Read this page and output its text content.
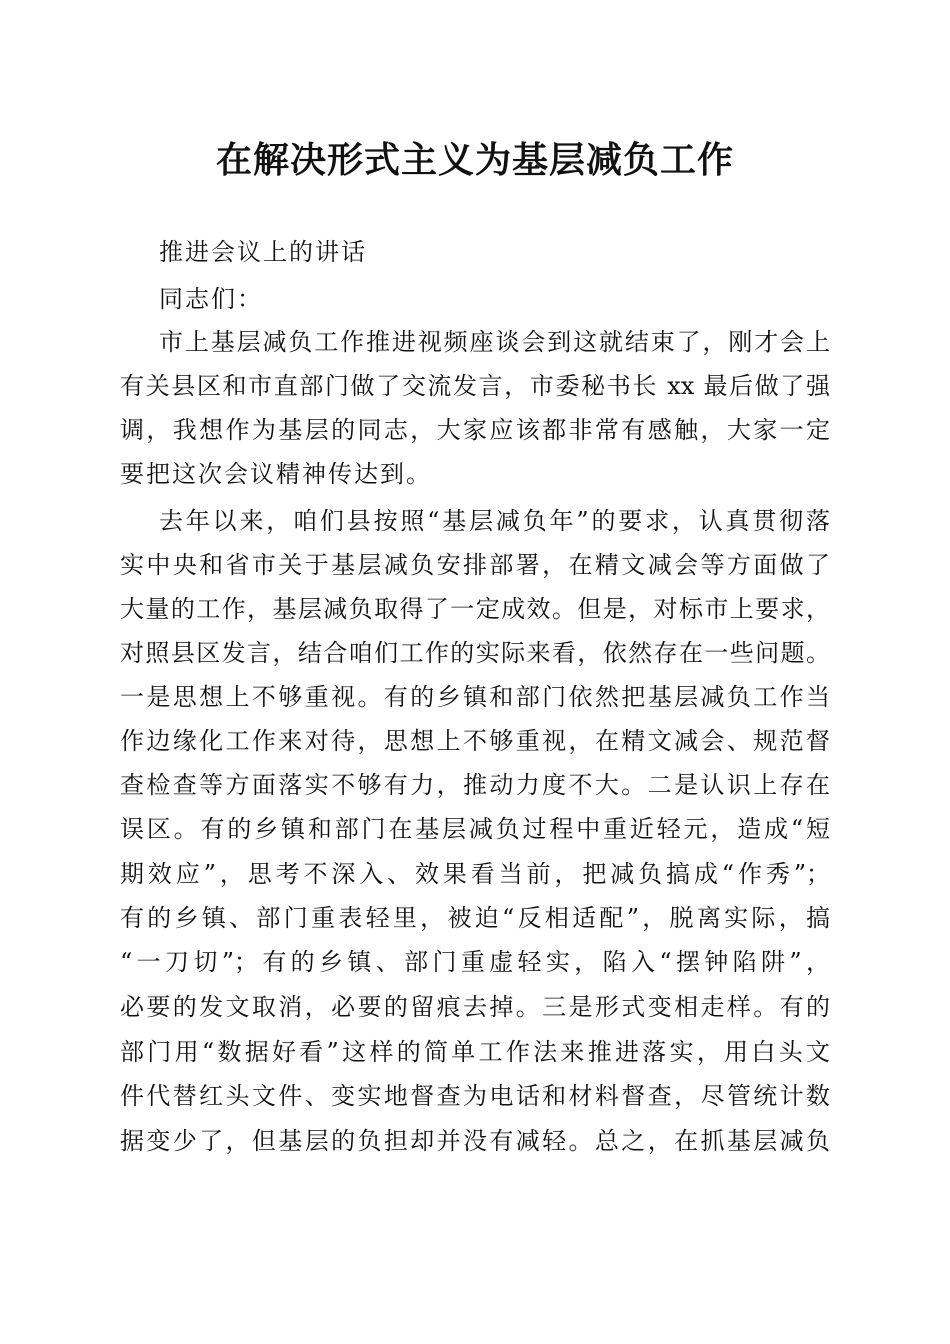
在解决形式主义为基层减负工作
推进会议上的讲话
同志们：
市上基层减负工作推进视频座谈会到这就结束了，刚才会上
有关县区和市直部门做了交流发言，市委秘书长 xx 最后做了强
调，我想作为基层的同志，大家应该都非常有感触，大家一定
要把这次会议精神传达到。
去年以来，咱们县按照“基层减负年”的要求，认真贯彻落
实中央和省市关于基层减负安排部署，在精文减会等方面做了
大量的工作，基层减负取得了一定成效。但是，对标市上要求，
对照县区发言，结合咱们工作的实际来看，依然存在一些问题。
一是思想上不够重视。有的乡镇和部门依然把基层减负工作当
作边缘化工作来对待，思想上不够重视，在精文减会、规范督
查检查等方面落实不够有力，推动力度不大。二是认识上存在
误区。有的乡镇和部门在基层减负过程中重近轻元，造成“短
期效应”，思考不深入、效果看当前，把减负搞成“作秀”；
有的乡镇、部门重表轻里，被迫“反相适配”，脱离实际，搞
“一刀切”；有的乡镇、部门重虚轻实，陷入“摆钟陷阱”，
必要的发文取消，必要的留痕去掉。三是形式变相走样。有的
部门用“数据好看”这样的简单工作法来推进落实，用白头文
件代替红头文件、变实地督查为电话和材料督查，尽管统计数
据变少了，但基层的负担却并没有减轻。总之，在抓基层减负
